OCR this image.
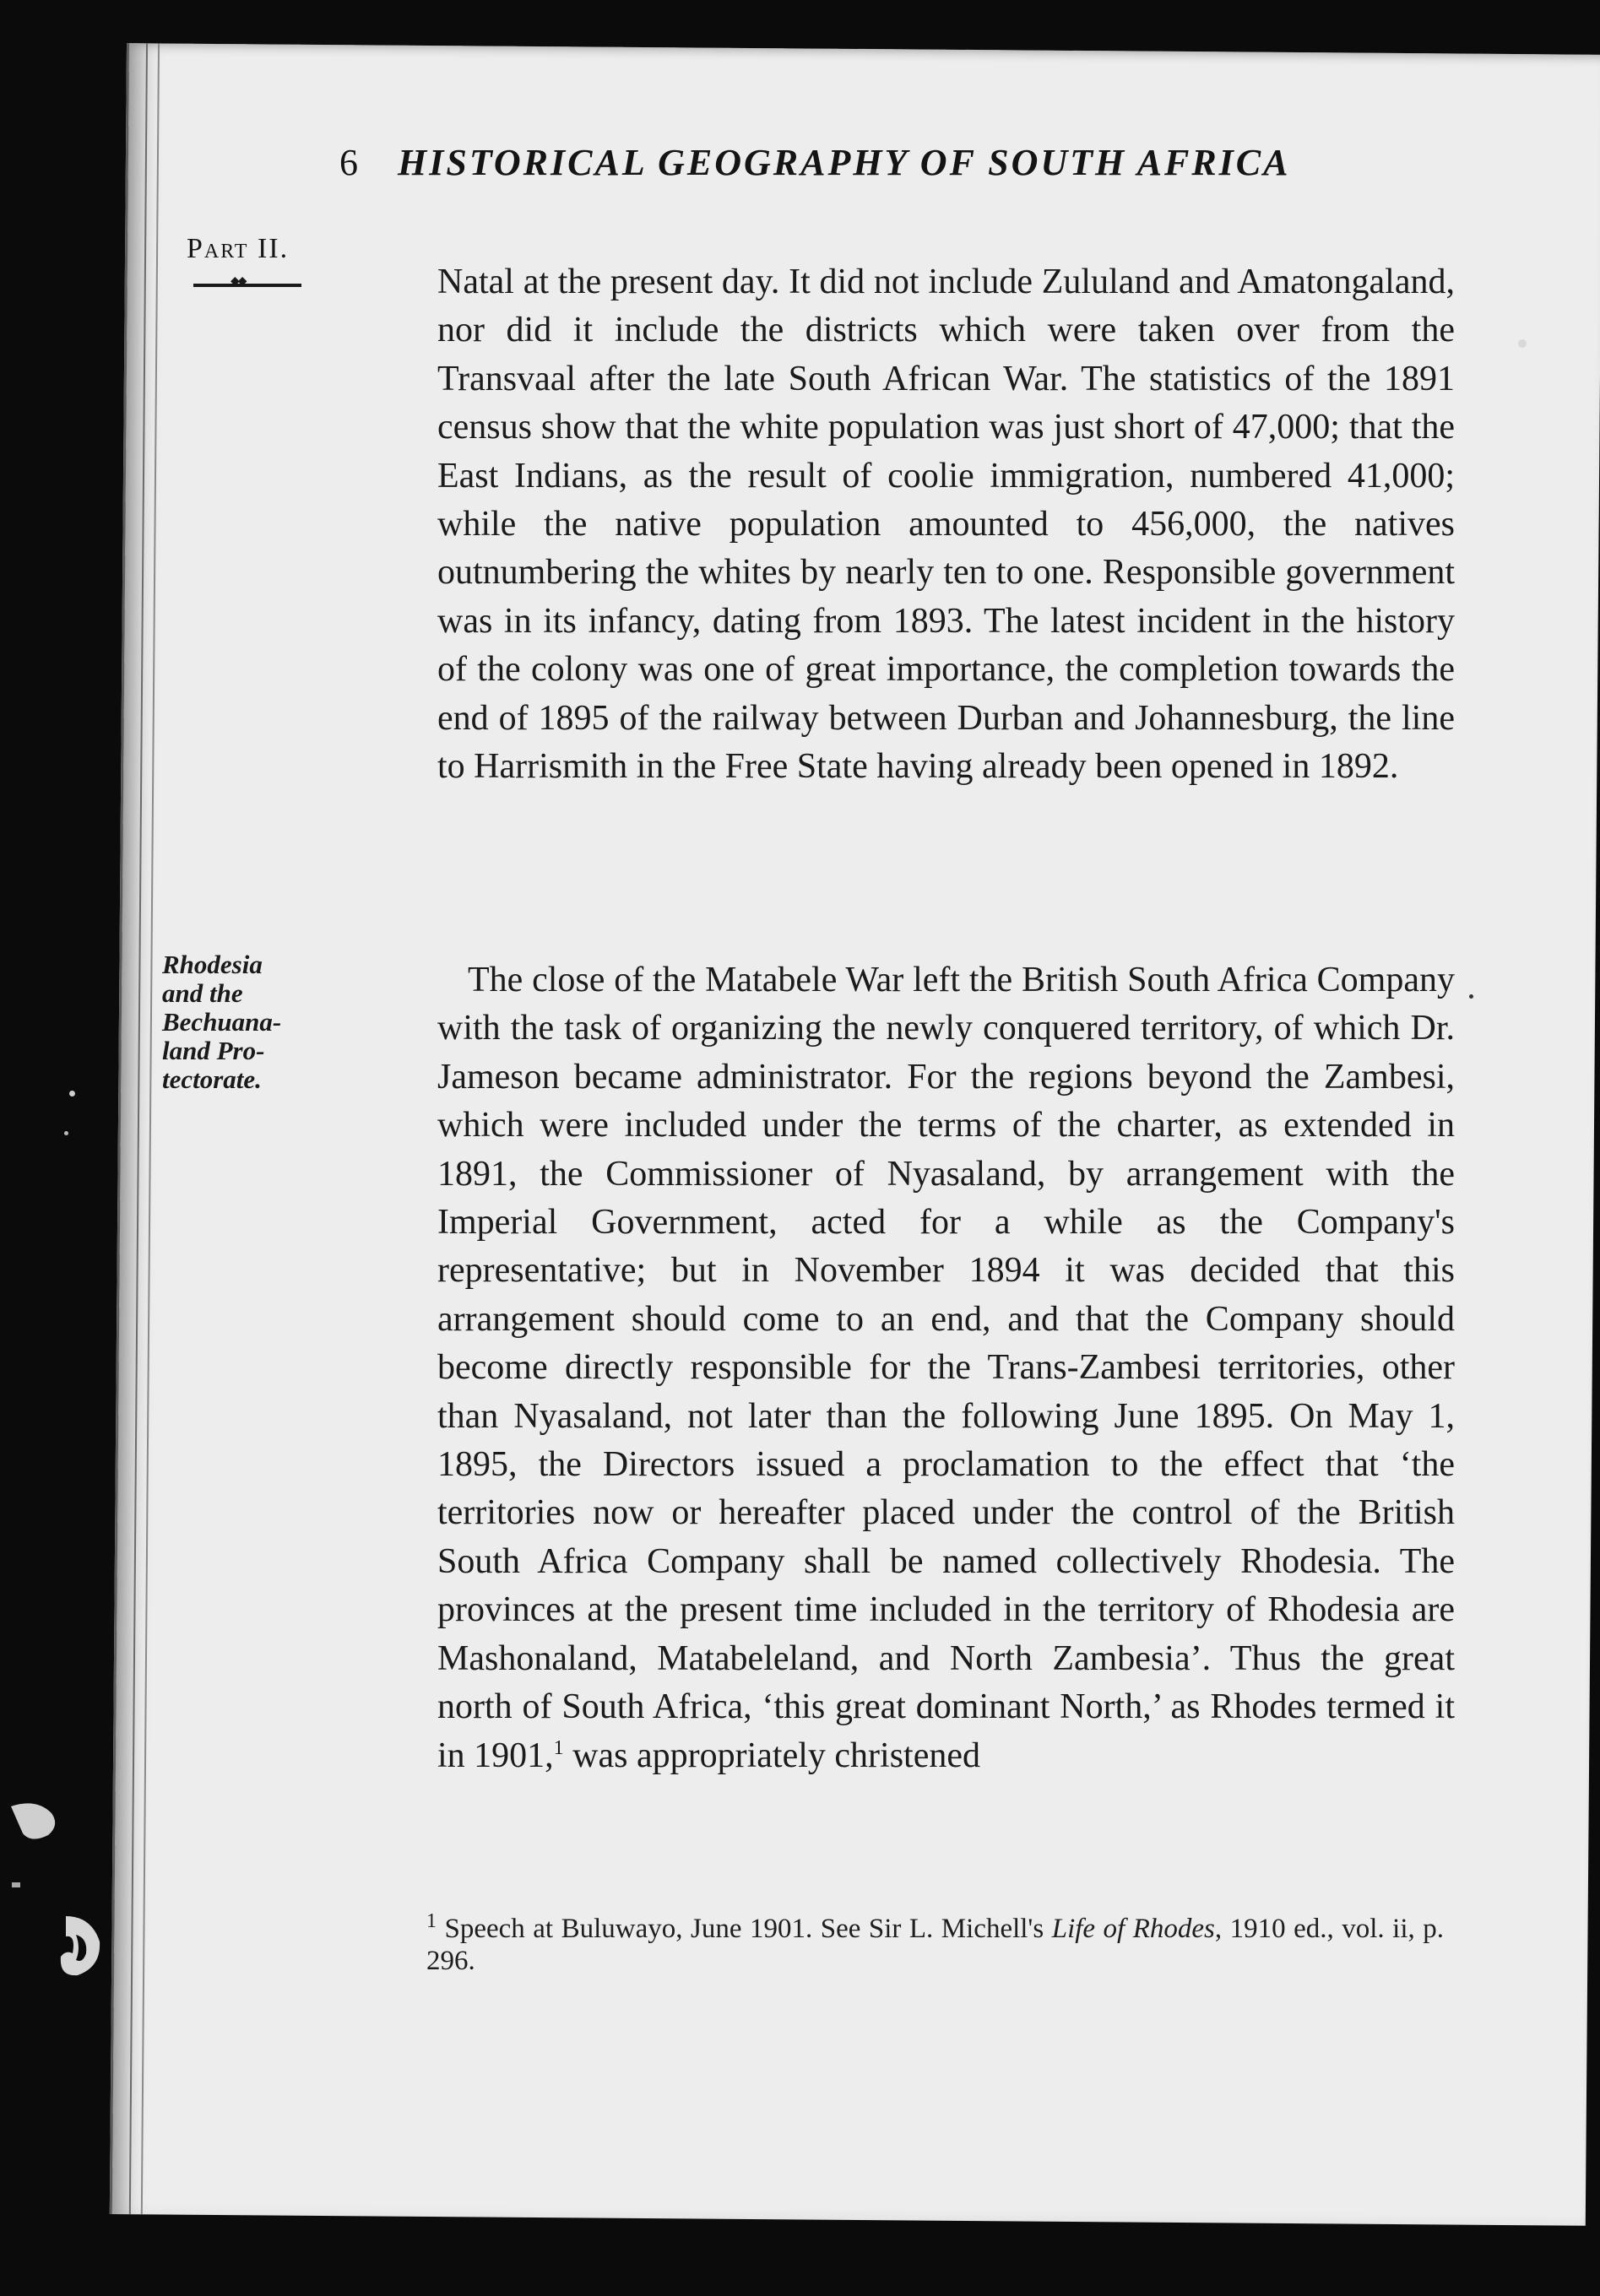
6 HISTORICAL GEOGRAPHY OF SOUTH AFRICA
Part II.
◆◆
Rhodesia
and the
Bechuana-
land Pro-
tectorate.
Natal at the present day. It did not include Zululand and Amatongaland, nor did it include the districts which were taken over from the Transvaal after the late South African War. The statistics of the 1891 census show that the white population was just short of 47,000; that the East Indians, as the result of coolie immigration, numbered 41,000; while the native population amounted to 456,000, the natives outnumbering the whites by nearly ten to one. Responsible government was in its infancy, dating from 1893. The latest incident in the history of the colony was one of great importance, the completion towards the end of 1895 of the railway between Durban and Johannesburg, the line to Harrismith in the Free State having already been opened in 1892.
The close of the Matabele War left the British South Africa Company with the task of organizing the newly conquered territory, of which Dr. Jameson became administrator. For the regions beyond the Zambesi, which were included under the terms of the charter, as extended in 1891, the Commissioner of Nyasaland, by arrangement with the Imperial Government, acted for a while as the Company's representative; but in November 1894 it was decided that this arrangement should come to an end, and that the Company should become directly responsible for the Trans-Zambesi territories, other than Nyasaland, not later than the following June 1895. On May 1, 1895, the Directors issued a proclamation to the effect that ‘the territories now or hereafter placed under the control of the British South Africa Company shall be named collectively Rhodesia. The provinces at the present time included in the territory of Rhodesia are Mashonaland, Matabeleland, and North Zambesia’. Thus the great north of South Africa, ‘this great dominant North,’ as Rhodes termed it in 1901,$^1$ was appropriately christened
$^1$ Speech at Buluwayo, June 1901. See Sir L. Michell's Life of Rhodes, 1910 ed., vol. ii, p. 296.
